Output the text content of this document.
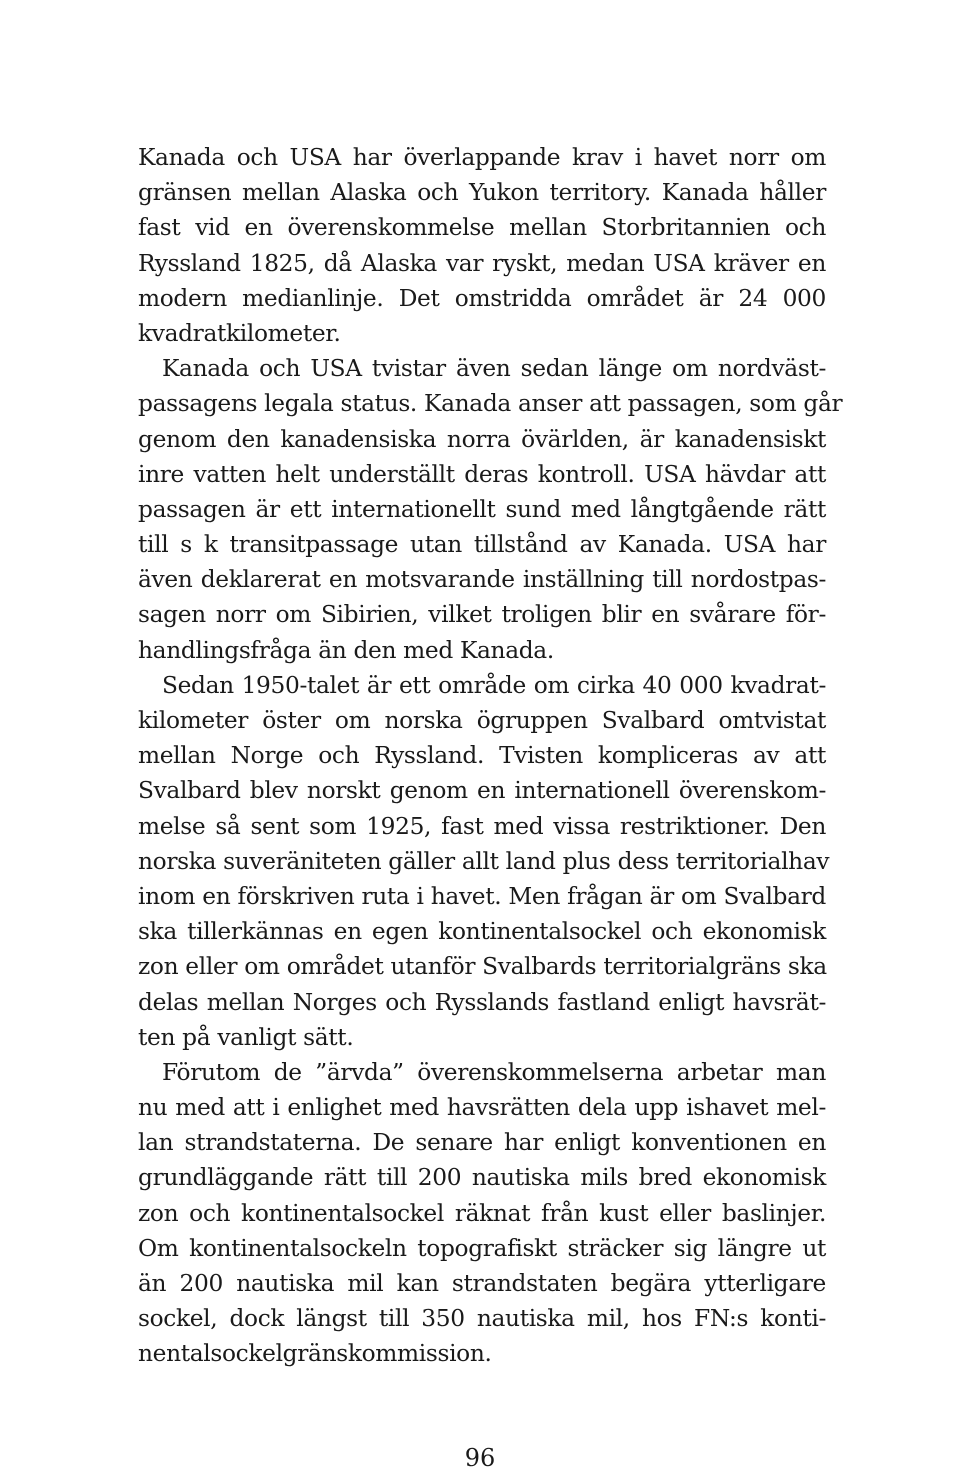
Kanada och USA har överlappande krav i havet norr om
gränsen mellan Alaska och Yukon territory. Kanada håller
fast vid en överenskommelse mellan Storbritannien och
Ryssland 1825, då Alaska var ryskt, medan USA kräver en
modern medianlinje. Det omstridda området är 24 000
kvadratkilometer.
Kanada och USA tvistar även sedan länge om nordväst-
passagens legala status. Kanada anser att passagen, som går
genom den kanadensiska norra övärlden, är kanadensiskt
inre vatten helt underställt deras kontroll. USA hävdar att
passagen är ett internationellt sund med långtgående rätt
till s k transitpassage utan tillstånd av Kanada. USA har
även deklarerat en motsvarande inställning till nordostpas-
sagen norr om Sibirien, vilket troligen blir en svårare för-
handlingsfråga än den med Kanada.
Sedan 1950-talet är ett område om cirka 40 000 kvadrat-
kilometer öster om norska ögruppen Svalbard omtvistat
mellan Norge och Ryssland. Tvisten kompliceras av att
Svalbard blev norskt genom en internationell överenskom-
melse så sent som 1925, fast med vissa restriktioner. Den
norska suveräniteten gäller allt land plus dess territorialhav
inom en förskriven ruta i havet. Men frågan är om Svalbard
ska tillerkännas en egen kontinentalsockel och ekonomisk
zon eller om området utanför Svalbards territorialgräns ska
delas mellan Norges och Rysslands fastland enligt havsrät-
ten på vanligt sätt.
Förutom de ”ärvda” överenskommelserna arbetar man
nu med att i enlighet med havsrätten dela upp ishavet mel-
lan strandstaterna. De senare har enligt konventionen en
grundläggande rätt till 200 nautiska mils bred ekonomisk
zon och kontinentalsockel räknat från kust eller baslinjer.
Om kontinentalsockeln topografiskt sträcker sig längre ut
än 200 nautiska mil kan strandstaten begära ytterligare
sockel, dock längst till 350 nautiska mil, hos FN:s konti-
nentalsockelgränskommission.
96
